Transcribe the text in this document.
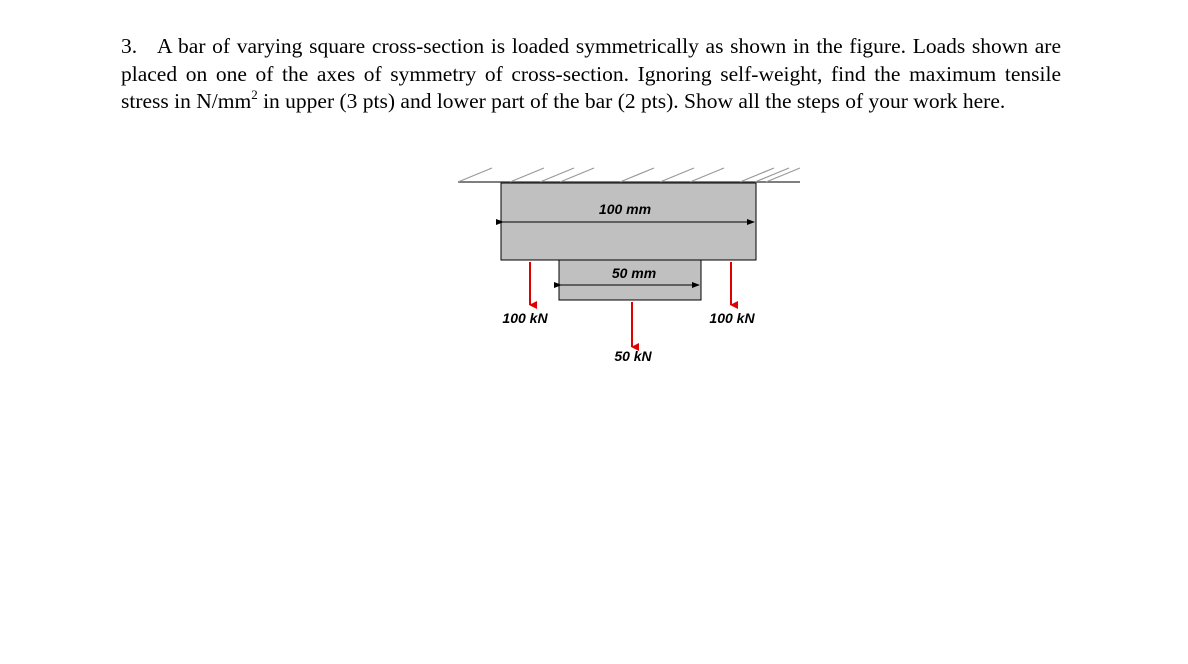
3. A bar of varying square cross-section is loaded symmetrically as shown in the figure. Loads shown are placed on one of the axes of symmetry of cross-section. Ignoring self-weight, find the maximum tensile stress in $N/mm^2$ in upper (3 pts) and lower part of the bar (2 pts). Show all the steps of your work here.
100 mm
50 mm
100 kN	100 kN
50 kN
